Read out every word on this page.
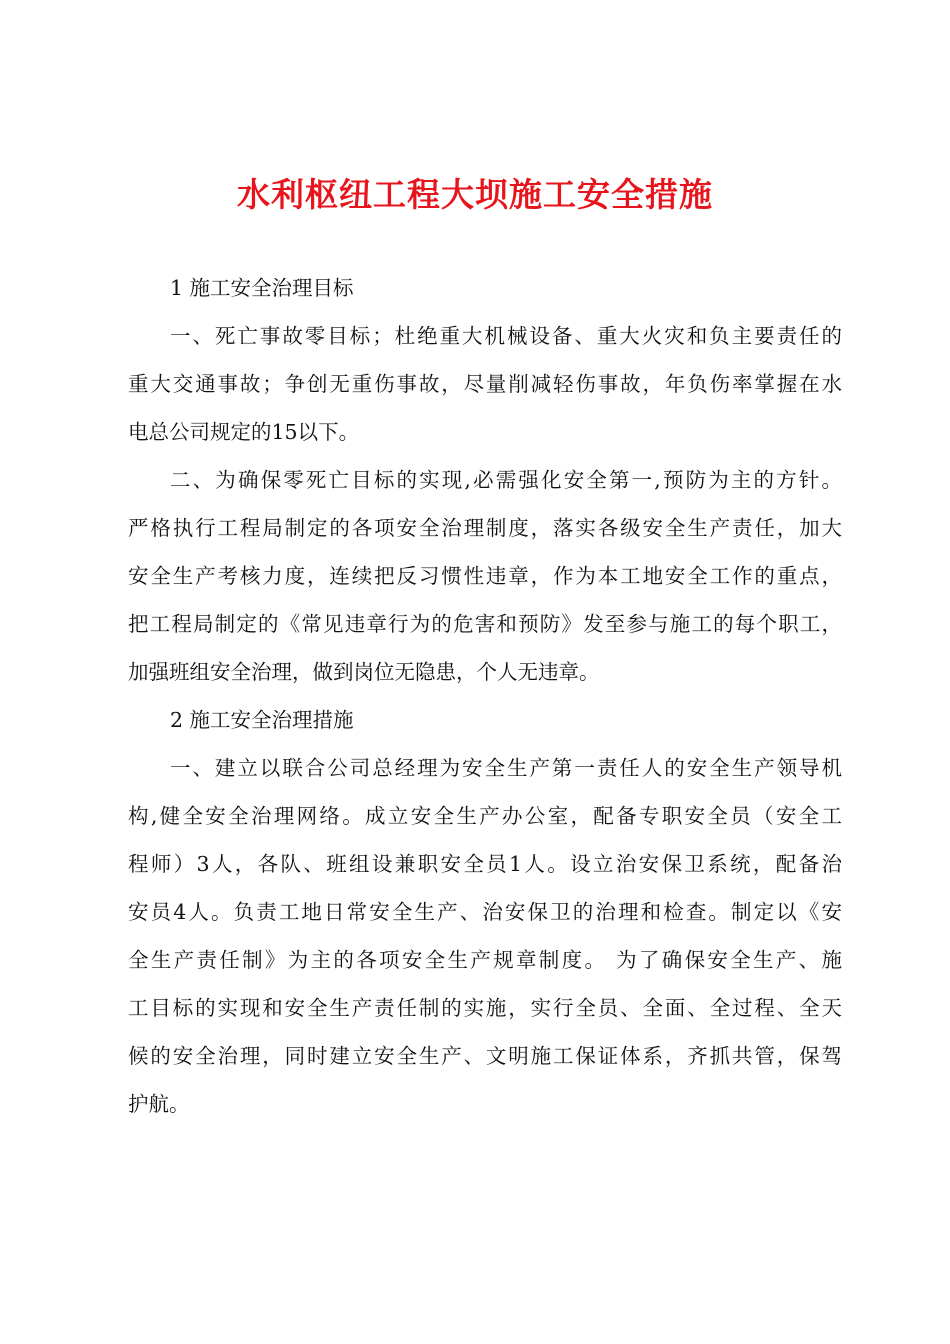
水利枢纽工程大坝施工安全措施
1 施工安全治理目标
一、死亡事故零目标；杜绝重大机械设备、重大火灾和负主要责任的
重大交通事故；争创无重伤事故，尽量削减轻伤事故，年负伤率掌握在水
电总公司规定的15以下。
二、为确保零死亡目标的实现,必需强化安全第一,预防为主的方针。
严格执行工程局制定的各项安全治理制度，落实各级安全生产责任，加大
安全生产考核力度，连续把反习惯性违章，作为本工地安全工作的重点，
把工程局制定的《常见违章行为的危害和预防》发至参与施工的每个职工，
加强班组安全治理，做到岗位无隐患，个人无违章。
2 施工安全治理措施
一、建立以联合公司总经理为安全生产第一责任人的安全生产领导机
构,健全安全治理网络。成立安全生产办公室，配备专职安全员（安全工
程师）3人，各队、班组设兼职安全员1人。设立治安保卫系统，配备治
安员4人。负责工地日常安全生产、治安保卫的治理和检查。制定以《安
全生产责任制》为主的各项安全生产规章制度。 为了确保安全生产、施
工目标的实现和安全生产责任制的实施，实行全员、全面、全过程、全天
候的安全治理，同时建立安全生产、文明施工保证体系，齐抓共管，保驾
护航。
